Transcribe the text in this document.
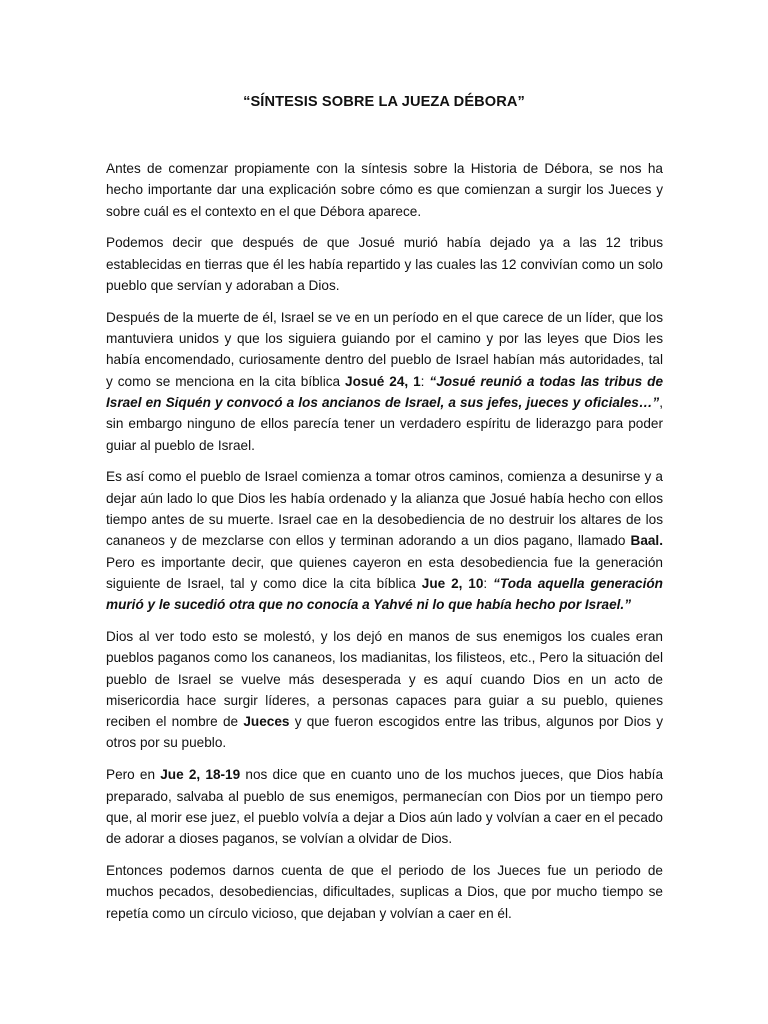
“SÍNTESIS SOBRE LA JUEZA DÉBORA”

Antes de comenzar propiamente con la síntesis sobre la Historia de Débora, se nos ha hecho importante dar una explicación sobre cómo es que comienzan a surgir los Jueces y sobre cuál es el contexto en el que Débora aparece.

Podemos decir que después de que Josué murió había dejado ya a las 12 tribus establecidas en tierras que él les había repartido y las cuales las 12 convivían como un solo pueblo que servían y adoraban a Dios.

Después de la muerte de él, Israel se ve en un período en el que carece de un líder, que los mantuviera unidos y que los siguiera guiando por el camino y por las leyes que Dios les había encomendado, curiosamente dentro del pueblo de Israel habían más autoridades, tal y como se menciona en la cita bíblica Josué 24, 1: “Josué reunió a todas las tribus de Israel en Siquén y convocó a los ancianos de Israel, a sus jefes, jueces y oficiales…”, sin embargo ninguno de ellos parecía tener un verdadero espíritu de liderazgo para poder guiar al pueblo de Israel.

Es así como el pueblo de Israel comienza a tomar otros caminos, comienza a desunirse y a dejar aún lado lo que Dios les había ordenado y la alianza que Josué había hecho con ellos tiempo antes de su muerte. Israel cae en la desobediencia de no destruir los altares de los cananeos y de mezclarse con ellos y terminan adorando a un dios pagano, llamado Baal. Pero es importante decir, que quienes cayeron en esta desobediencia fue la generación siguiente de Israel, tal y como dice la cita bíblica Jue 2, 10: “Toda aquella generación murió y le sucedió otra que no conocía a Yahvé ni lo que había hecho por Israel.”

Dios al ver todo esto se molestó, y los dejó en manos de sus enemigos los cuales eran pueblos paganos como los cananeos, los madianitas, los filisteos, etc., Pero la situación del pueblo de Israel se vuelve más desesperada y es aquí cuando Dios en un acto de misericordia hace surgir líderes, a personas capaces para guiar a su pueblo, quienes reciben el nombre de Jueces y que fueron escogidos entre las tribus, algunos por Dios y otros por su pueblo.

Pero en Jue 2, 18-19 nos dice que en cuanto uno de los muchos jueces, que Dios había preparado, salvaba al pueblo de sus enemigos, permanecían con Dios por un tiempo pero que, al morir ese juez, el pueblo volvía a dejar a Dios aún lado y volvían a caer en el pecado de adorar a dioses paganos, se volvían a olvidar de Dios.

Entonces podemos darnos cuenta de que el periodo de los Jueces fue un periodo de muchos pecados, desobediencias, dificultades, suplicas a Dios, que por mucho tiempo se repetía como un círculo vicioso, que dejaban y volvían a caer en él.
